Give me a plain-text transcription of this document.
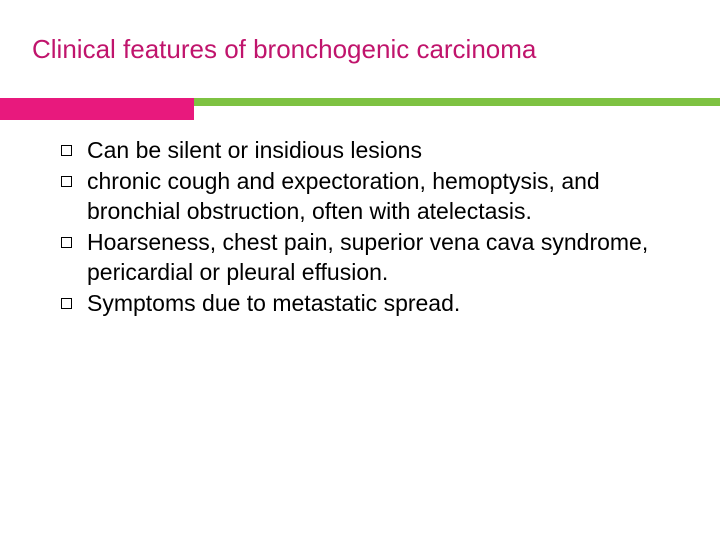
Clinical features of bronchogenic carcinoma
Can be silent or insidious lesions
chronic cough and expectoration, hemoptysis, and bronchial obstruction, often with atelectasis.
Hoarseness, chest pain, superior vena cava syndrome, pericardial or pleural effusion.
Symptoms due to metastatic spread.
